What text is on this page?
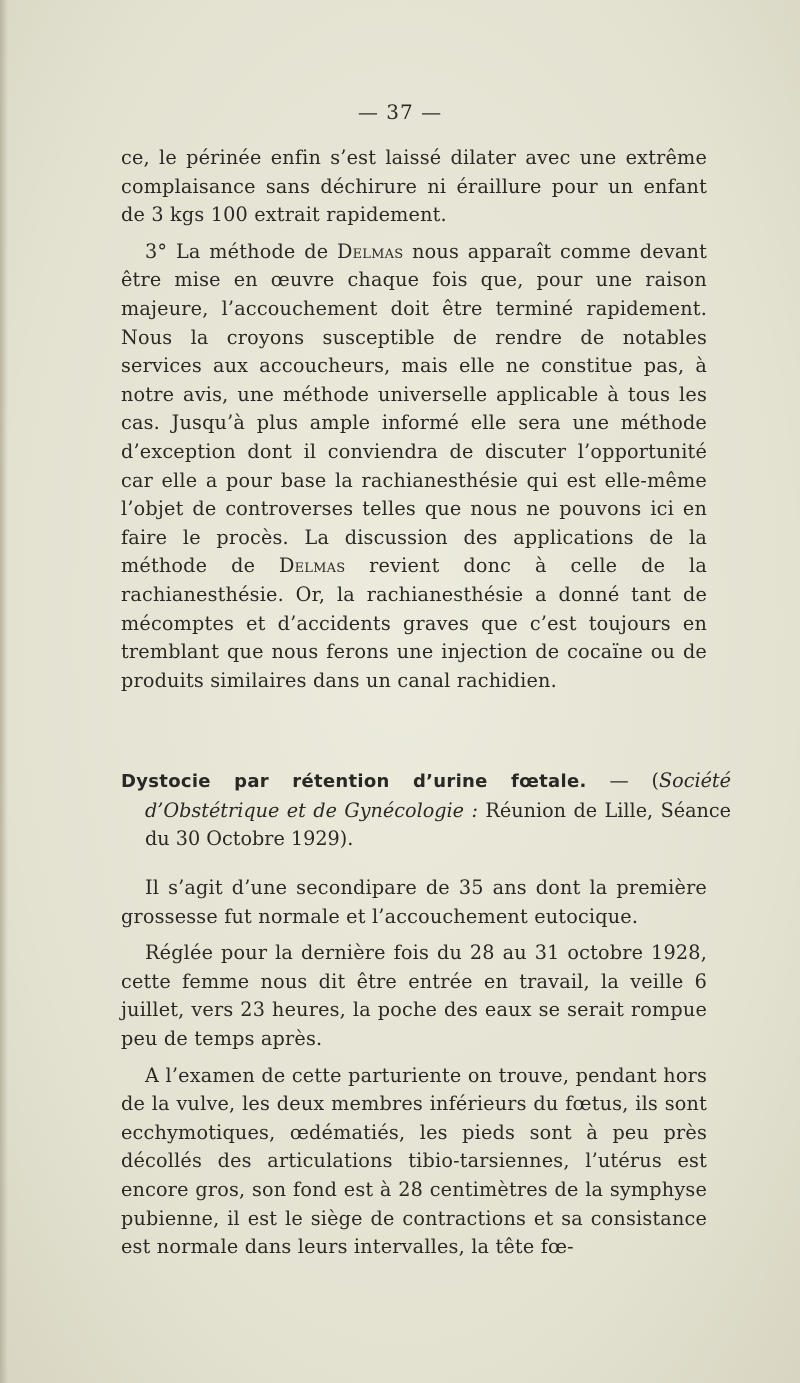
— 37 —

ce, le périnée enfin s’est laissé dilater avec une extrême complaisance sans déchirure ni éraillure pour un enfant de 3 kgs 100 extrait rapidement.

3° La méthode de Delmas nous apparaît comme devant être mise en œuvre chaque fois que, pour une raison majeure, l’accouchement doit être terminé rapidement. Nous la croyons susceptible de rendre de notables services aux accoucheurs, mais elle ne constitue pas, à notre avis, une méthode universelle applicable à tous les cas. Jusqu’à plus ample informé elle sera une méthode d’exception dont il conviendra de discuter l’opportunité car elle a pour base la rachianesthésie qui est elle-même l’objet de controverses telles que nous ne pouvons ici en faire le procès. La discussion des applications de la méthode de Delmas revient donc à celle de la rachianesthésie. Or, la rachianesthésie a donné tant de mécomptes et d’accidents graves que c’est toujours en tremblant que nous ferons une injection de cocaïne ou de produits similaires dans un canal rachidien.

Dystocie par rétention d’urine fœtale. — (Société d’Obstétrique et de Gynécologie : Réunion de Lille, Séance du 30 Octobre 1929).

Il s’agit d’une secondipare de 35 ans dont la première grossesse fut normale et l’accouchement eutocique.

Réglée pour la dernière fois du 28 au 31 octobre 1928, cette femme nous dit être entrée en travail, la veille 6 juillet, vers 23 heures, la poche des eaux se serait rompue peu de temps après.

A l’examen de cette parturiente on trouve, pendant hors de la vulve, les deux membres inférieurs du fœtus, ils sont ecchymotiques, œdématiés, les pieds sont à peu près décollés des articulations tibio-tarsiennes, l’utérus est encore gros, son fond est à 28 centimètres de la symphyse pubienne, il est le siège de contractions et sa consistance est normale dans leurs intervalles, la tête fœ-
